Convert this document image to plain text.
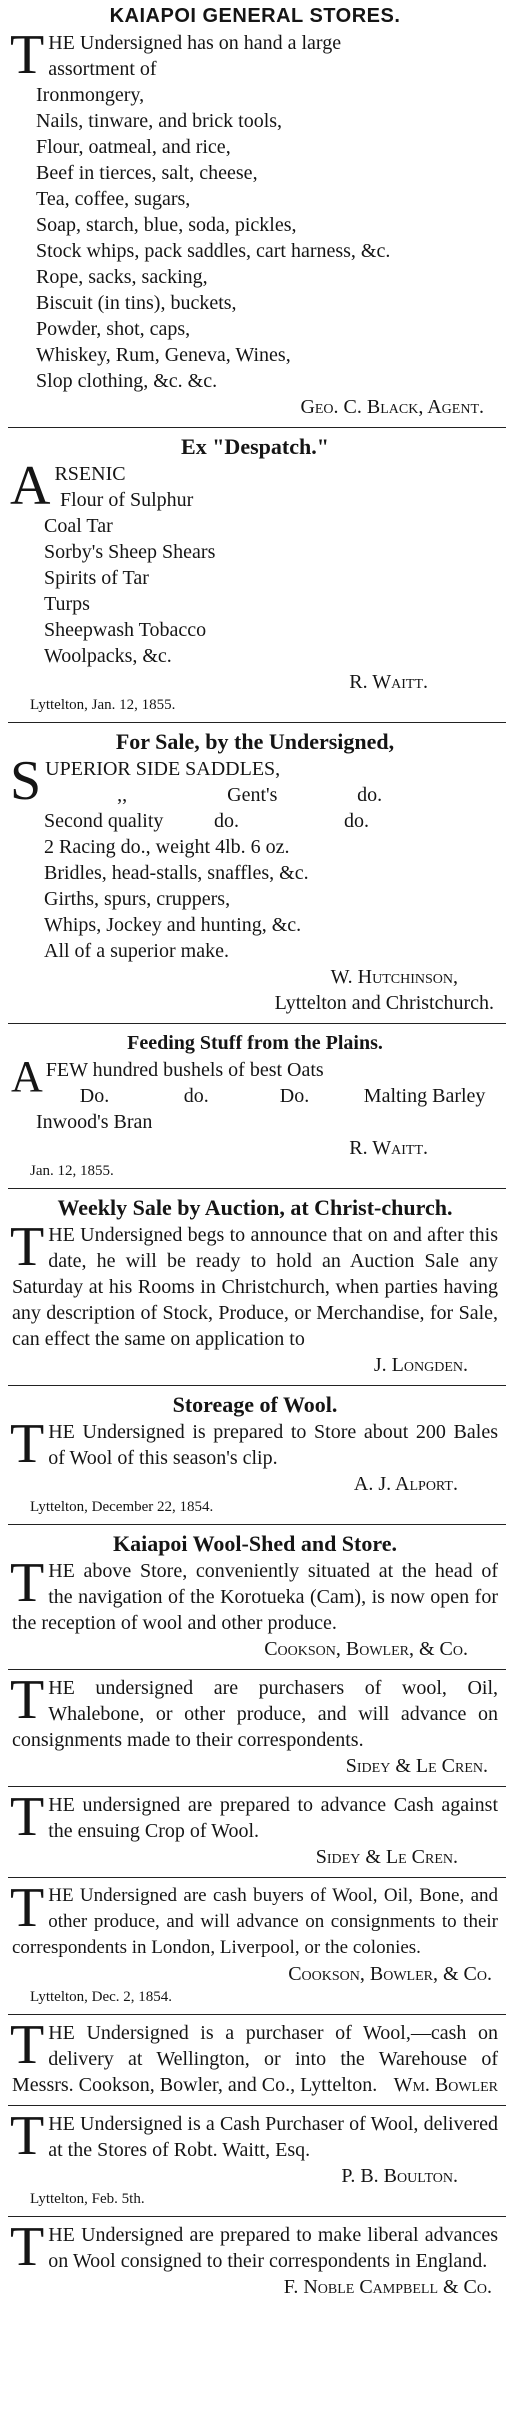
KAIAPOI GENERAL STORES.
THE Undersigned has on hand a large
assortment of
Ironmongery,
Nails, tinware, and brick tools,
Flour, oatmeal, and rice,
Beef in tierces, salt, cheese,
Tea, coffee, sugars,
Soap, starch, blue, soda, pickles,
Stock whips, pack saddles, cart harness, &c.
Rope, sacks, sacking,
Biscuit (in tins), buckets,
Powder, shot, caps,
Whiskey, Rum, Geneva, Wines,
Slop clothing, &c. &c.
Geo. C. Black, Agent.
Ex "Despatch."
ARSENIC
Flour of Sulphur
Coal Tar
Sorby's Sheep Shears
Spirits of Tar
Turps
Sheepwash Tobacco
Woolpacks, &c.
R. Waitt.
Lyttelton, Jan. 12, 1855.
For Sale, by the Undersigned,
SUPERIOR SIDE SADDLES,
,,	Gent's	do.
Second quality	do.	do.
2 Racing do., weight 4lb. 6 oz.
Bridles, head-stalls, snaffles, &c.
Girths, spurs, cruppers,
Whips, Jockey and hunting, &c.
All of a superior make.
W. Hutchinson,
Lyttelton and Christchurch.
Feeding Stuff from the Plains.
AFEW hundred bushels of best Oats
Do.	do.	Do.	Malting Barley
Inwood's Bran
R. Waitt.
Jan. 12, 1855.
Weekly Sale by Auction, at Christ-church.
THE Undersigned begs to announce that on and after this date, he will be ready to hold an Auction Sale any Saturday at his Rooms in Christchurch, when parties having any description of Stock, Produce, or Merchandise, for Sale, can effect the same on application to
J. Longden.
Storeage of Wool.
THE Undersigned is prepared to Store about 200 Bales of Wool of this season's clip.
A. J. Alport.
Lyttelton, December 22, 1854.
Kaiapoi Wool-Shed and Store.
THE above Store, conveniently situated at the head of the navigation of the Korotueka (Cam), is now open for the reception of wool and other produce.
Cookson, Bowler, & Co.
THE undersigned are purchasers of wool, Oil, Whalebone, or other produce, and will advance on consignments made to their correspondents.
Sidey & Le Cren.
THE undersigned are prepared to advance Cash against the ensuing Crop of Wool.
Sidey & Le Cren.
THE Undersigned are cash buyers of Wool, Oil, Bone, and other produce, and will advance on consignments to their correspondents in London, Liverpool, or the colonies.
Cookson, Bowler, & Co.
Lyttelton, Dec. 2, 1854.
THE Undersigned is a purchaser of Wool,—cash on delivery at Wellington, or into the Warehouse of Messrs. Cookson, Bowler, and Co., Lyttelton. Wm. Bowler
THE Undersigned is a Cash Purchaser of Wool, delivered at the Stores of Robt. Waitt, Esq.
P. B. Boulton.
Lyttelton, Feb. 5th.
THE Undersigned are prepared to make liberal advances on Wool consigned to their correspondents in England.
F. Noble Campbell & Co.
